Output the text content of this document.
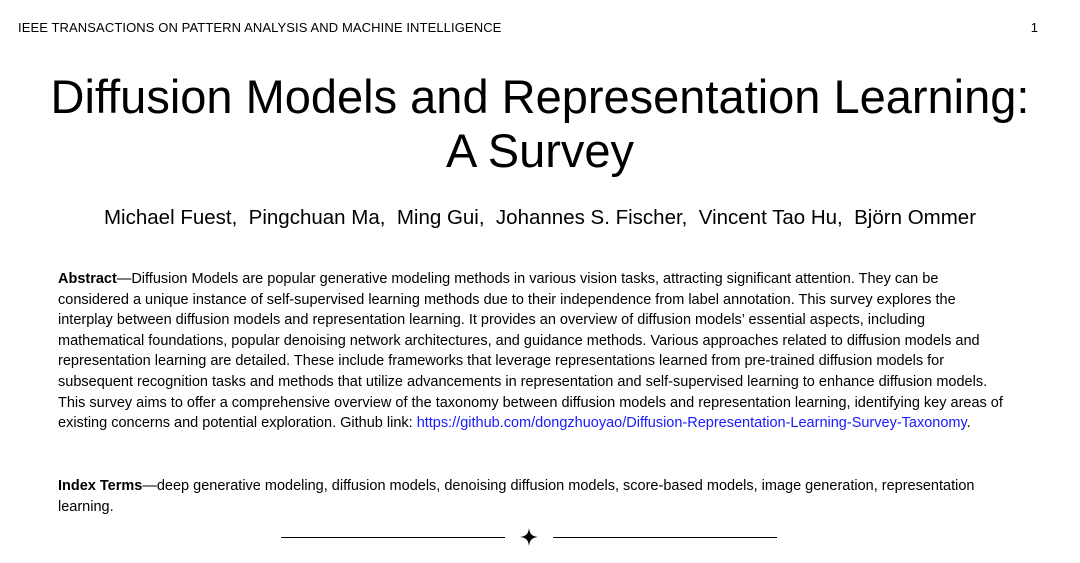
IEEE TRANSACTIONS ON PATTERN ANALYSIS AND MACHINE INTELLIGENCE	1
Diffusion Models and Representation Learning:
A Survey
Michael Fuest,  Pingchuan Ma,  Ming Gui,  Johannes S. Fischer,  Vincent Tao Hu,  Björn Ommer
Abstract—Diffusion Models are popular generative modeling methods in various vision tasks, attracting significant attention. They can be considered a unique instance of self-supervised learning methods due to their independence from label annotation. This survey explores the interplay between diffusion models and representation learning. It provides an overview of diffusion models’ essential aspects, including mathematical foundations, popular denoising network architectures, and guidance methods. Various approaches related to diffusion models and representation learning are detailed. These include frameworks that leverage representations learned from pre-trained diffusion models for subsequent recognition tasks and methods that utilize advancements in representation and self-supervised learning to enhance diffusion models. This survey aims to offer a comprehensive overview of the taxonomy between diffusion models and representation learning, identifying key areas of existing concerns and potential exploration. Github link: https://github.com/dongzhuoyao/Diffusion-Representation-Learning-Survey-Taxonomy.
Index Terms—deep generative modeling, diffusion models, denoising diffusion models, score-based models, image generation, representation learning.
